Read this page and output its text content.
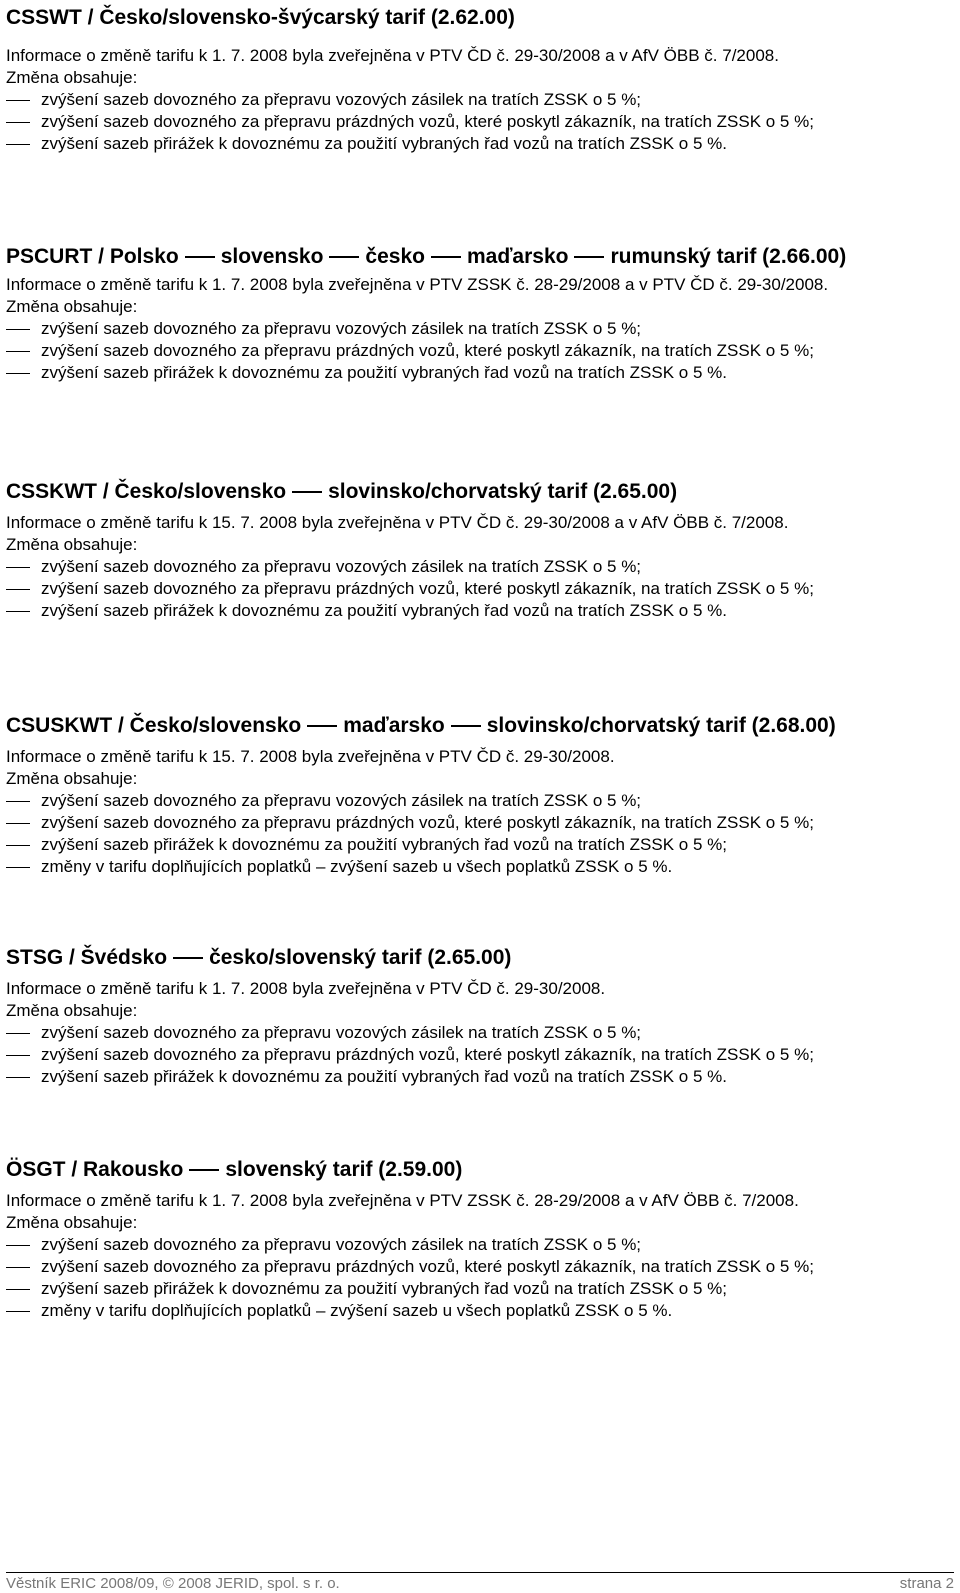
CSSWT / Česko/slovensko-švýcarský tarif (2.62.00)

Informace o změně tarifu k 1. 7. 2008 byla zveřejněna v PTV ČD č. 29-30/2008 a v AfV ÖBB č. 7/2008.

Změna obsahuje:

zvýšení sazeb dovozného za přepravu vozových zásilek na tratích ZSSK o 5 %;
zvýšení sazeb dovozného za přepravu prázdných vozů, které poskytl zákazník, na tratích ZSSK o 5 %;
zvýšení sazeb přirážek k dovoznému za použití vybraných řad vozů na tratích ZSSK o 5 %.
PSCURT / Polsko slovensko česko maďarsko rumunský tarif (2.66.00)

Informace o změně tarifu k 1. 7. 2008 byla zveřejněna v PTV ZSSK č. 28-29/2008 a v PTV ČD č. 29-30/2008.

Změna obsahuje:

zvýšení sazeb dovozného za přepravu vozových zásilek na tratích ZSSK o 5 %;
zvýšení sazeb dovozného za přepravu prázdných vozů, které poskytl zákazník, na tratích ZSSK o 5 %;
zvýšení sazeb přirážek k dovoznému za použití vybraných řad vozů na tratích ZSSK o 5 %.
CSSKWT / Česko/slovensko slovinsko/chorvatský tarif (2.65.00)

Informace o změně tarifu k 15. 7. 2008 byla zveřejněna v PTV ČD č. 29-30/2008 a v AfV ÖBB č. 7/2008.

Změna obsahuje:

zvýšení sazeb dovozného za přepravu vozových zásilek na tratích ZSSK o 5 %;
zvýšení sazeb dovozného za přepravu prázdných vozů, které poskytl zákazník, na tratích ZSSK o 5 %;
zvýšení sazeb přirážek k dovoznému za použití vybraných řad vozů na tratích ZSSK o 5 %.
CSUSKWT / Česko/slovensko maďarsko slovinsko/chorvatský tarif (2.68.00)

Informace o změně tarifu k 15. 7. 2008 byla zveřejněna v PTV ČD č. 29-30/2008.

Změna obsahuje:

zvýšení sazeb dovozného za přepravu vozových zásilek na tratích ZSSK o 5 %;
zvýšení sazeb dovozného za přepravu prázdných vozů, které poskytl zákazník, na tratích ZSSK o 5 %;
zvýšení sazeb přirážek k dovoznému za použití vybraných řad vozů na tratích ZSSK o 5 %;
změny v tarifu doplňujících poplatků – zvýšení sazeb u všech poplatků ZSSK o 5 %.
STSG / Švédsko česko/slovenský tarif (2.65.00)

Informace o změně tarifu k 1. 7. 2008 byla zveřejněna v PTV ČD č. 29-30/2008.

Změna obsahuje:

zvýšení sazeb dovozného za přepravu vozových zásilek na tratích ZSSK o 5 %;
zvýšení sazeb dovozného za přepravu prázdných vozů, které poskytl zákazník, na tratích ZSSK o 5 %;
zvýšení sazeb přirážek k dovoznému za použití vybraných řad vozů na tratích ZSSK o 5 %.
ÖSGT / Rakousko slovenský tarif (2.59.00)

Informace o změně tarifu k 1. 7. 2008 byla zveřejněna v PTV ZSSK č. 28-29/2008 a v AfV ÖBB č. 7/2008.

Změna obsahuje:

zvýšení sazeb dovozného za přepravu vozových zásilek na tratích ZSSK o 5 %;
zvýšení sazeb dovozného za přepravu prázdných vozů, které poskytl zákazník, na tratích ZSSK o 5 %;
zvýšení sazeb přirážek k dovoznému za použití vybraných řad vozů na tratích ZSSK o 5 %;
změny v tarifu doplňujících poplatků – zvýšení sazeb u všech poplatků ZSSK o 5 %.
Věstník ERIC 2008/09, © 2008 JERID, spol. s r. o.	strana 2
